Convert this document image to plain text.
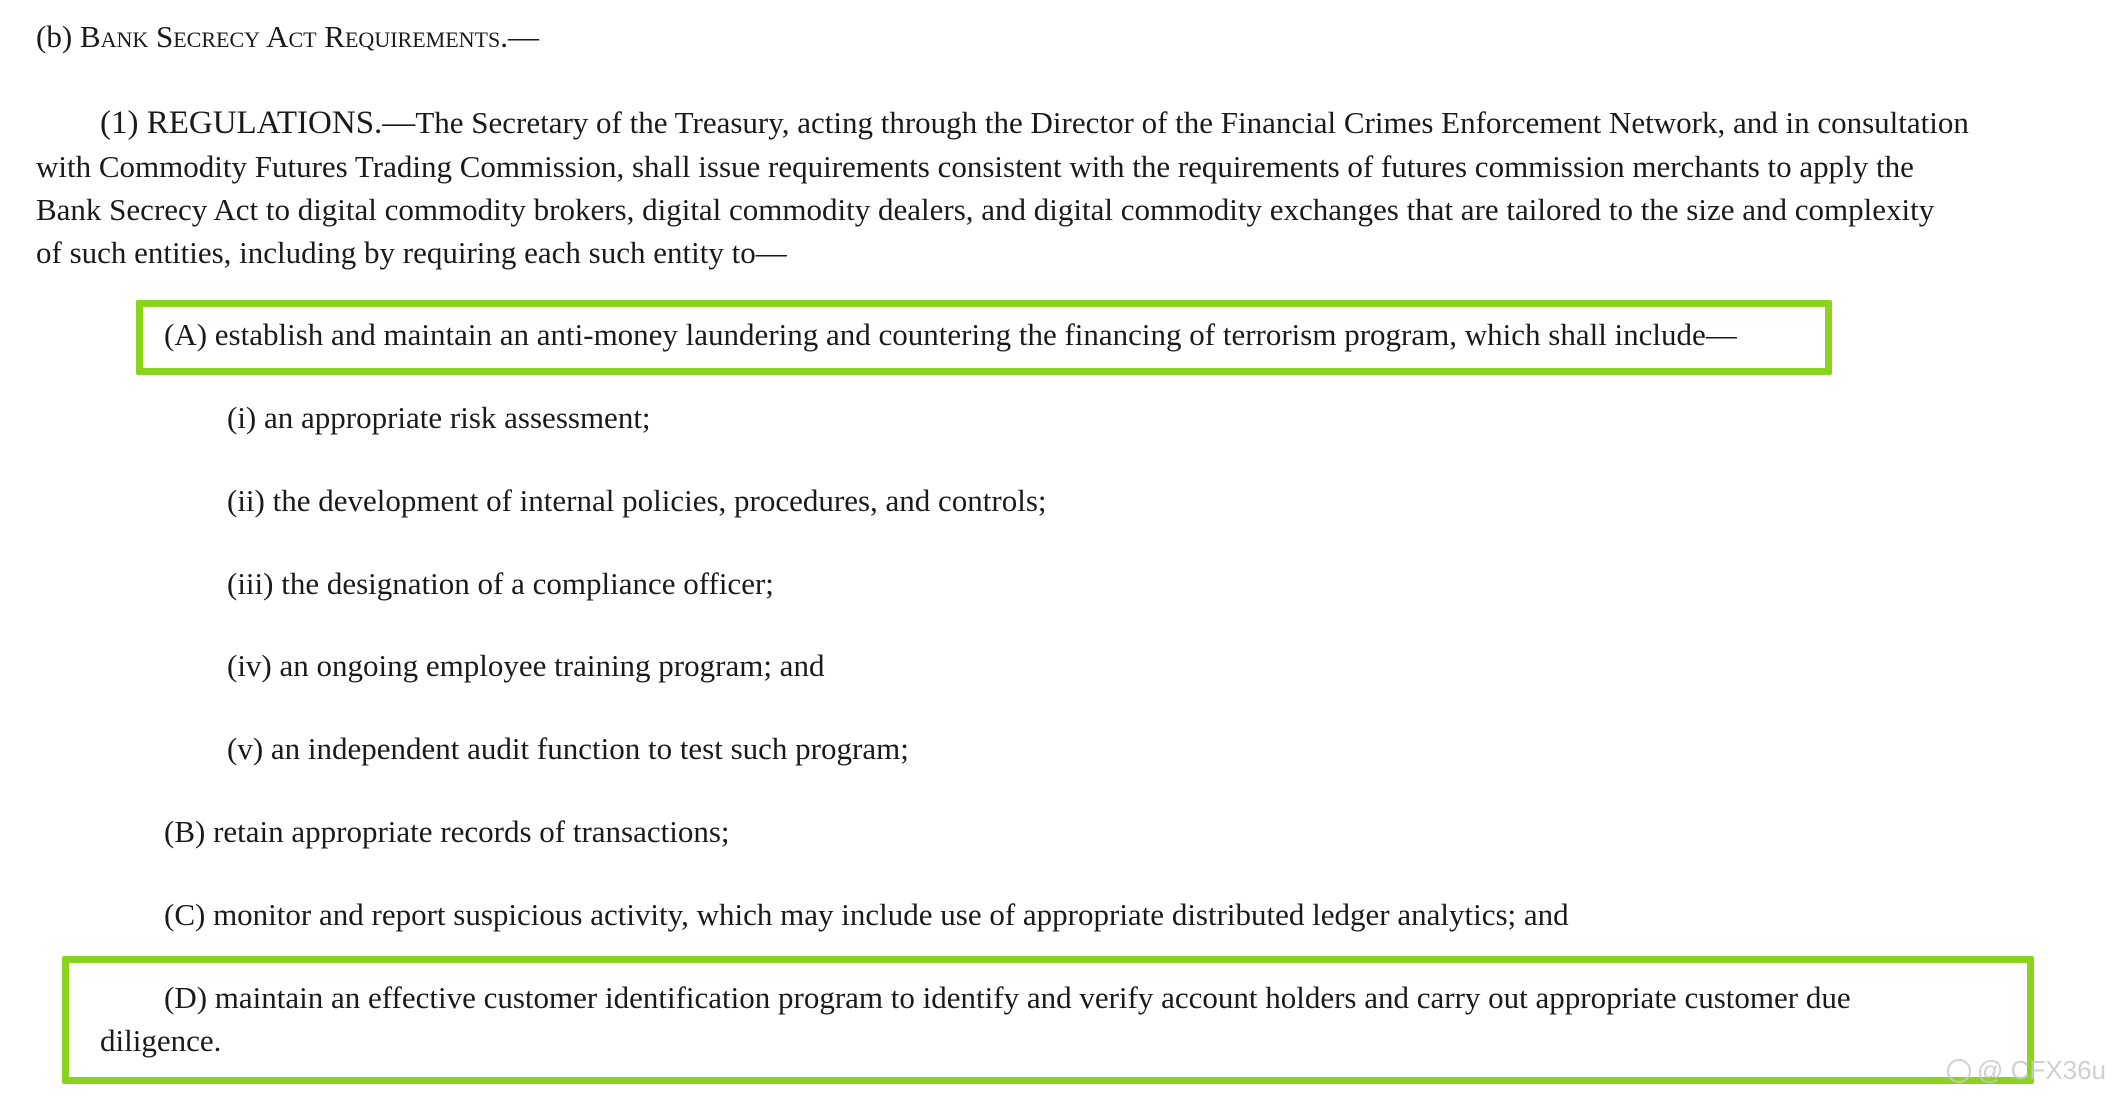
(b) Bank Secrecy Act Requirements.—
(1) REGULATIONS.—The Secretary of the Treasury, acting through the Director of the Financial Crimes Enforcement Network, and in consultation
with Commodity Futures Trading Commission, shall issue requirements consistent with the requirements of futures commission merchants to apply the
Bank Secrecy Act to digital commodity brokers, digital commodity dealers, and digital commodity exchanges that are tailored to the size and complexity
of such entities, including by requiring each such entity to—
(A) establish and maintain an anti-money laundering and countering the financing of terrorism program, which shall include—
(i) an appropriate risk assessment;
(ii) the development of internal policies, procedures, and controls;
(iii) the designation of a compliance officer;
(iv) an ongoing employee training program; and
(v) an independent audit function to test such program;
(B) retain appropriate records of transactions;
(C) monitor and report suspicious activity, which may include use of appropriate distributed ledger analytics; and
(D) maintain an effective customer identification program to identify and verify account holders and carry out appropriate customer due
diligence.
@ CFX36u
